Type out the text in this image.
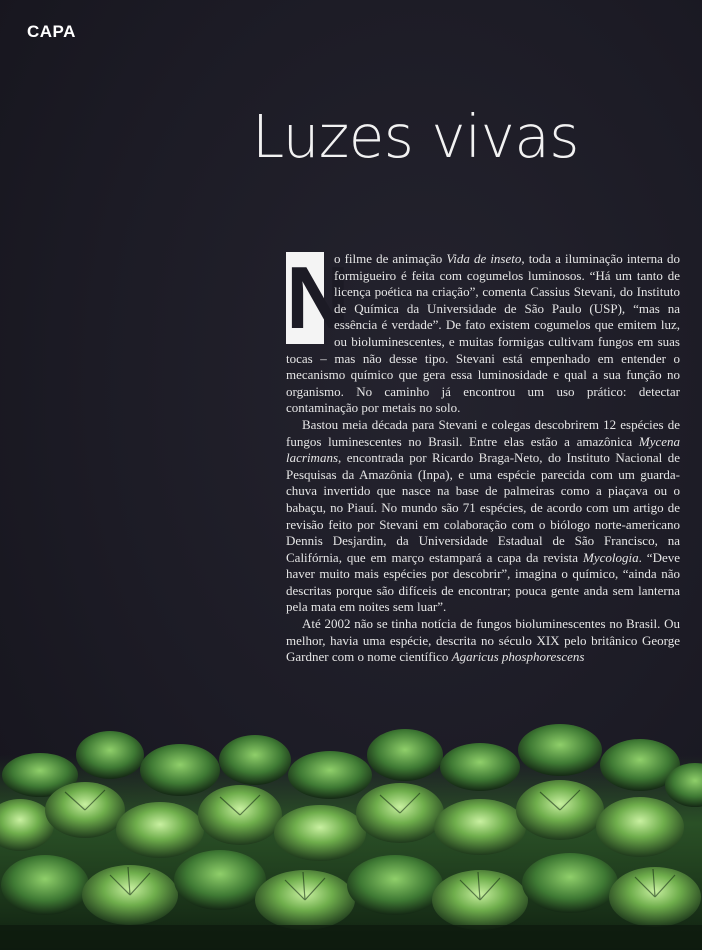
CAPA
Luzes vivas
N

o filme de animação Vida de inseto, toda a iluminação interna do formigueiro é feita com cogumelos luminosos. “Há um tanto de licença poética na criação”, comenta Cassius Stevani, do Instituto de Química da Universidade de São Paulo (USP), “mas na essência é verdade”. De fato existem cogumelos que emitem luz, ou bioluminescentes, e muitas formigas cultivam fungos em suas tocas – mas não desse tipo. Stevani está empenhado em entender o mecanismo químico que gera essa luminosidade e qual a sua função no organismo. No caminho já encontrou um uso prático: detectar contaminação por metais no solo.

Bastou meia década para Stevani e colegas descobrirem 12 espécies de fungos luminescentes no Brasil. Entre elas estão a amazônica Mycena lacrimans, encontrada por Ricardo Braga-Neto, do Instituto Nacional de Pesquisas da Amazônia (Inpa), e uma espécie parecida com um guarda-chuva invertido que nasce na base de palmeiras como a piaçava ou o babaçu, no Piauí. No mundo são 71 espécies, de acordo com um artigo de revisão feito por Stevani em colaboração com o biólogo norte-americano Dennis Desjardin, da Universidade Estadual de São Francisco, na Califórnia, que em março estampará a capa da revista Mycologia. “Deve haver muito mais espécies por descobrir”, imagina o químico, “ainda não descritas porque são difíceis de encontrar; pouca gente anda sem lanterna pela mata em noites sem luar”.

Até 2002 não se tinha notícia de fungos bioluminescentes no Brasil. Ou melhor, havia uma espécie, descrita no século XIX pelo britânico George Gardner com o nome científico Agaricus phosphorescens
